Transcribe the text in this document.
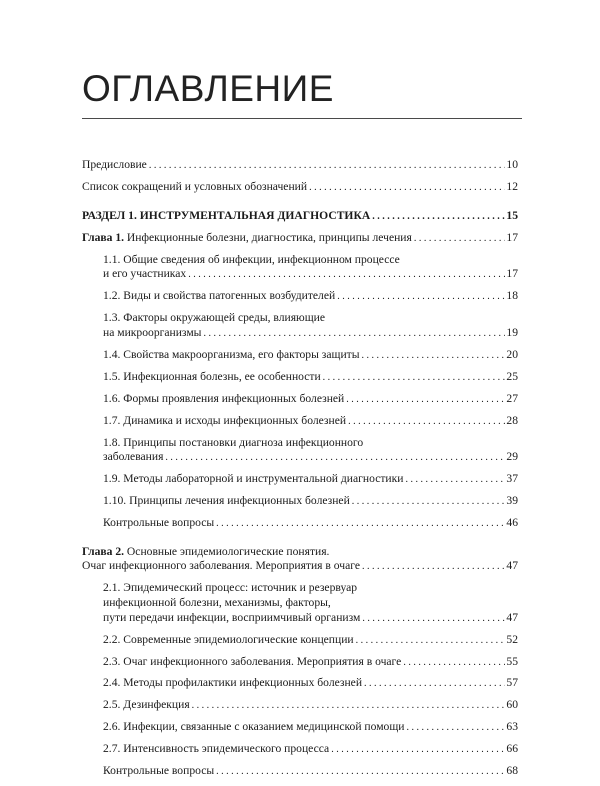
ОГЛАВЛЕНИЕ
Предисловие . . .	10
Список сокращений и условных обозначений . . .	12
РАЗДЕЛ 1. ИНСТРУМЕНТАЛЬНАЯ ДИАГНОСТИКА . . .	15
Глава 1. Инфекционные болезни, диагностика, принципы лечения . . .	17
1.1. Общие сведения об инфекции, инфекционном процессе
и его участниках . . .	17
1.2. Виды и свойства патогенных возбудителей . . .	18
1.3. Факторы окружающей среды, влияющие
на микроорганизмы . . .	19
1.4. Свойства макроорганизма, его факторы защиты . . .	20
1.5. Инфекционная болезнь, ее особенности . . .	25
1.6. Формы проявления инфекционных болезней . . .	27
1.7. Динамика и исходы инфекционных болезней . . .	28
1.8. Принципы постановки диагноза инфекционного
заболевания . . .	29
1.9. Методы лабораторной и инструментальной диагностики . . .	37
1.10. Принципы лечения инфекционных болезней . . .	39
Контрольные вопросы . . .	46
Глава 2. Основные эпидемиологические понятия.
Очаг инфекционного заболевания. Мероприятия в очаге . . .	47
2.1. Эпидемический процесс: источник и резервуар
инфекционной болезни, механизмы, факторы,
пути передачи инфекции, восприимчивый организм . . .	47
2.2. Современные эпидемиологические концепции . . .	52
2.3. Очаг инфекционного заболевания. Мероприятия в очаге . . .	55
2.4. Методы профилактики инфекционных болезней . . .	57
2.5. Дезинфекция . . .	60
2.6. Инфекции, связанные с оказанием медицинской помощи . . .	63
2.7. Интенсивность эпидемического процесса . . .	66
Контрольные вопросы . . .	68
